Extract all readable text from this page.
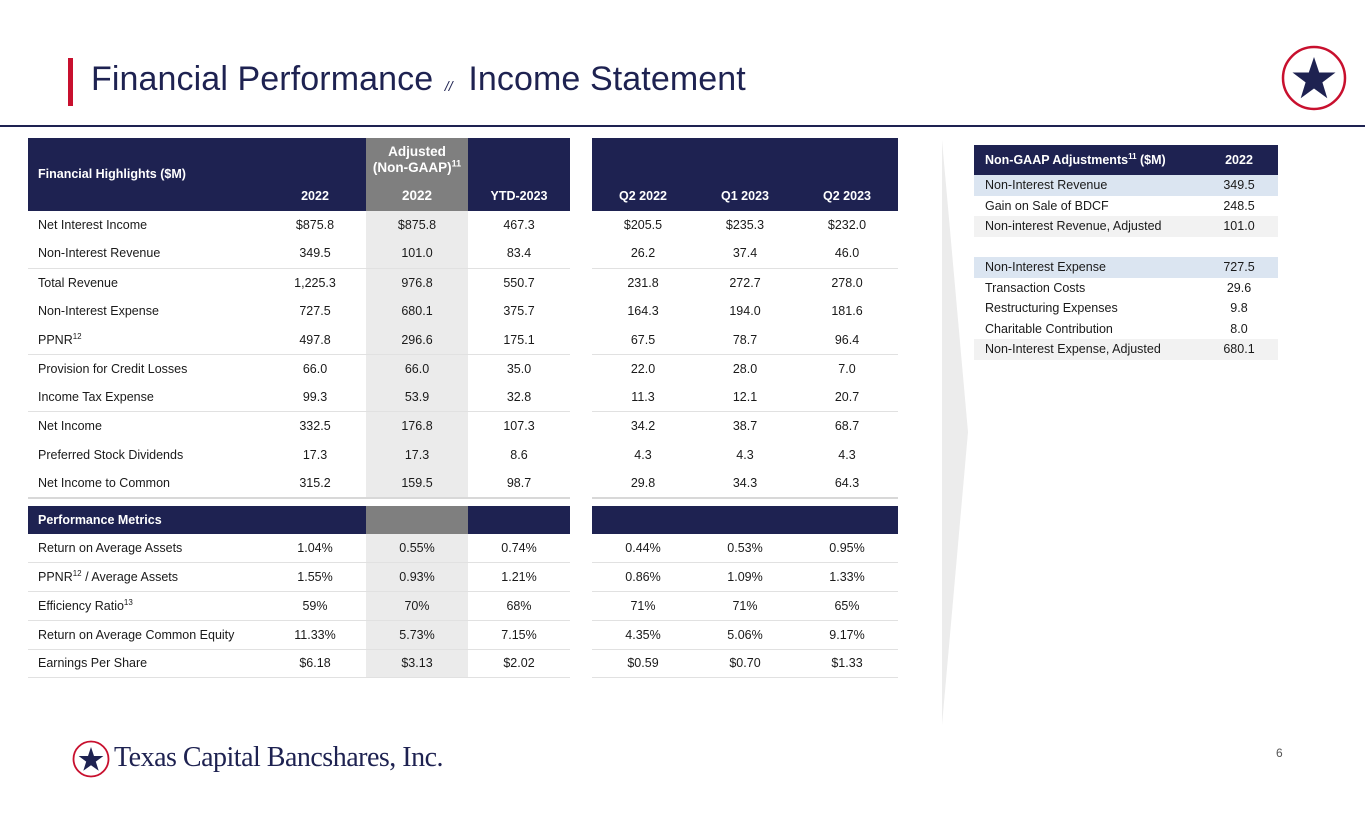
Financial Performance // Income Statement
Financial Highlights ($M)		Adjusted
(Non-GAAP)$^{11}$					
	2022	2022	YTD-2023		Q2 2022	Q1 2023	Q2 2023
Net Interest Income	$875.8	$875.8	467.3		$205.5	$235.3	$232.0
Non-Interest Revenue	349.5	101.0	83.4		26.2	37.4	46.0
Total Revenue	1,225.3	976.8	550.7		231.8	272.7	278.0
Non-Interest Expense	727.5	680.1	375.7		164.3	194.0	181.6
PPNR$^{12}$	497.8	296.6	175.1		67.5	78.7	96.4
Provision for Credit Losses	66.0	66.0	35.0		22.0	28.0	7.0
Income Tax Expense	99.3	53.9	32.8		11.3	12.1	20.7
Net Income	332.5	176.8	107.3		34.2	38.7	68.7
Preferred Stock Dividends	17.3	17.3	8.6		4.3	4.3	4.3
Net Income to Common	315.2	159.5	98.7		29.8	34.3	64.3

Performance Metrics							
Return on Average Assets	1.04%	0.55%	0.74%		0.44%	0.53%	0.95%
PPNR$^{12}$ / Average Assets	1.55%	0.93%	1.21%		0.86%	1.09%	1.33%
Efficiency Ratio$^{13}$	59%	70%	68%		71%	71%	65%
Return on Average Common Equity	11.33%	5.73%	7.15%		4.35%	5.06%	9.17%
Earnings Per Share	$6.18	$3.13	$2.02		$0.59	$0.70	$1.33
Non-GAAP Adjustments$^{11}$ ($M)	2022
Non-Interest Revenue	349.5
Gain on Sale of BDCF	248.5
Non-interest Revenue, Adjusted	101.0

Non-Interest Expense	727.5
Transaction Costs	29.6
Restructuring Expenses	9.8
Charitable Contribution	8.0
Non-Interest Expense, Adjusted	680.1
Texas Capital Bancshares, Inc.	6
